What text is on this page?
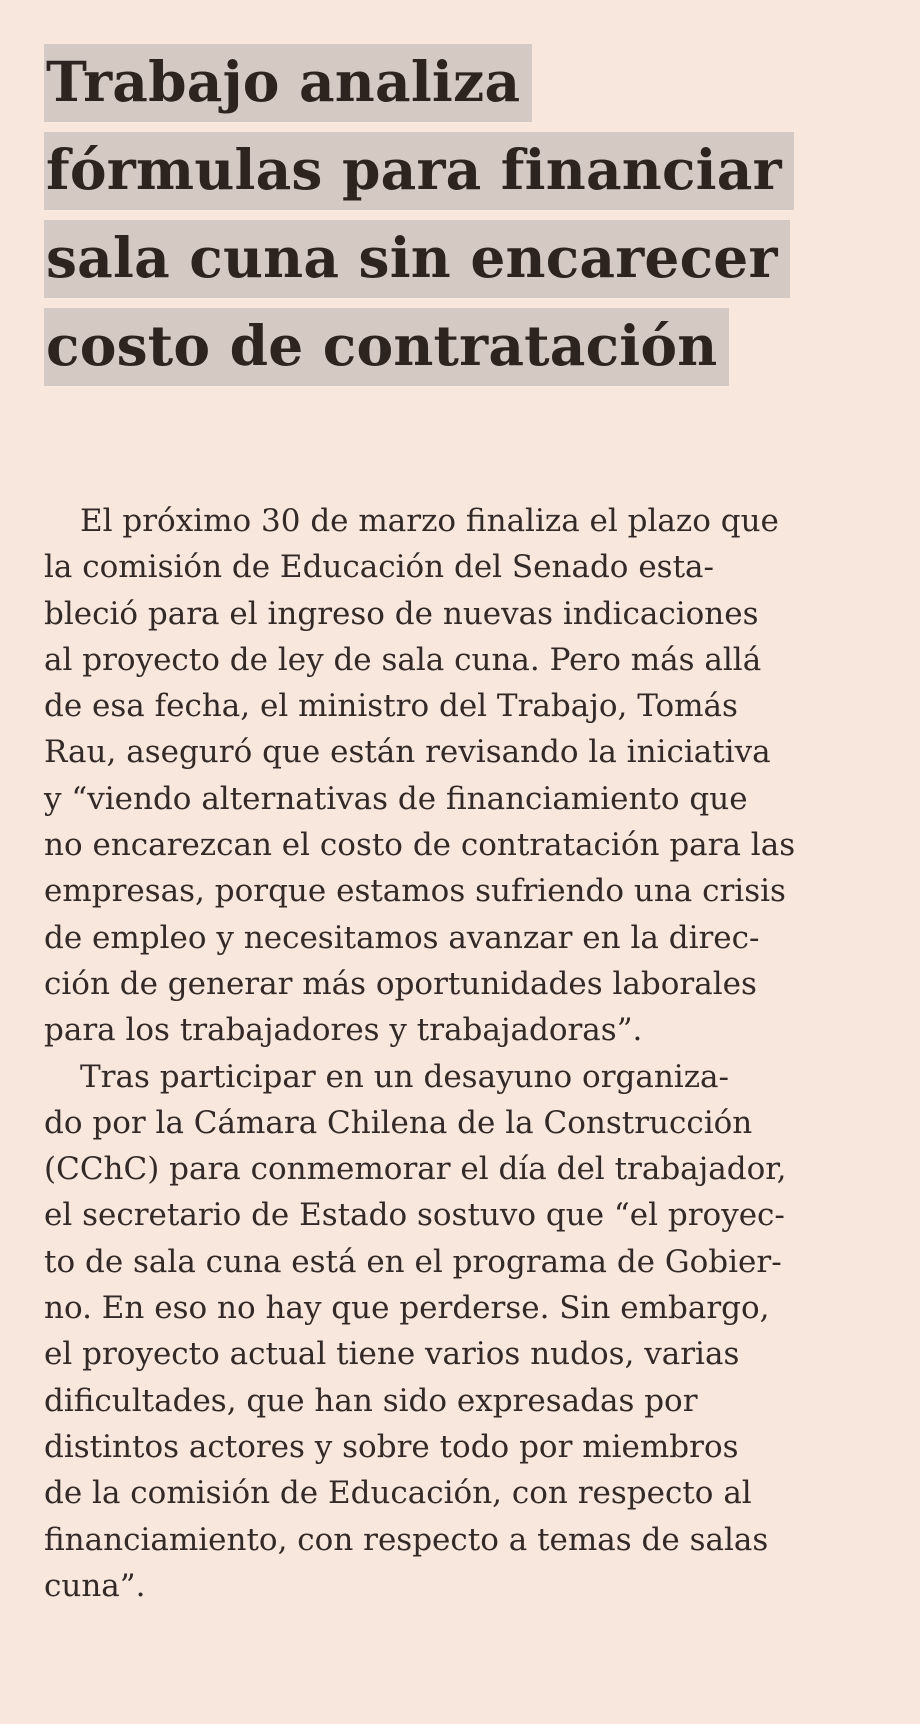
Trabajo analiza
fórmulas para financiar
sala cuna sin encarecer
costo de contratación
El próximo 30 de marzo finaliza el plazo que
la comisión de Educación del Senado esta-
bleció para el ingreso de nuevas indicaciones
al proyecto de ley de sala cuna. Pero más allá
de esa fecha, el ministro del Trabajo, Tomás
Rau, aseguró que están revisando la iniciativa
y “viendo alternativas de financiamiento que
no encarezcan el costo de contratación para las
empresas, porque estamos sufriendo una crisis
de empleo y necesitamos avanzar en la direc-
ción de generar más oportunidades laborales
para los trabajadores y trabajadoras”.
Tras participar en un desayuno organiza-
do por la Cámara Chilena de la Construcción
(CChC) para conmemorar el día del trabajador,
el secretario de Estado sostuvo que “el proyec-
to de sala cuna está en el programa de Gobier-
no. En eso no hay que perderse. Sin embargo,
el proyecto actual tiene varios nudos, varias
dificultades, que han sido expresadas por
distintos actores y sobre todo por miembros
de la comisión de Educación, con respecto al
financiamiento, con respecto a temas de salas
cuna”.
